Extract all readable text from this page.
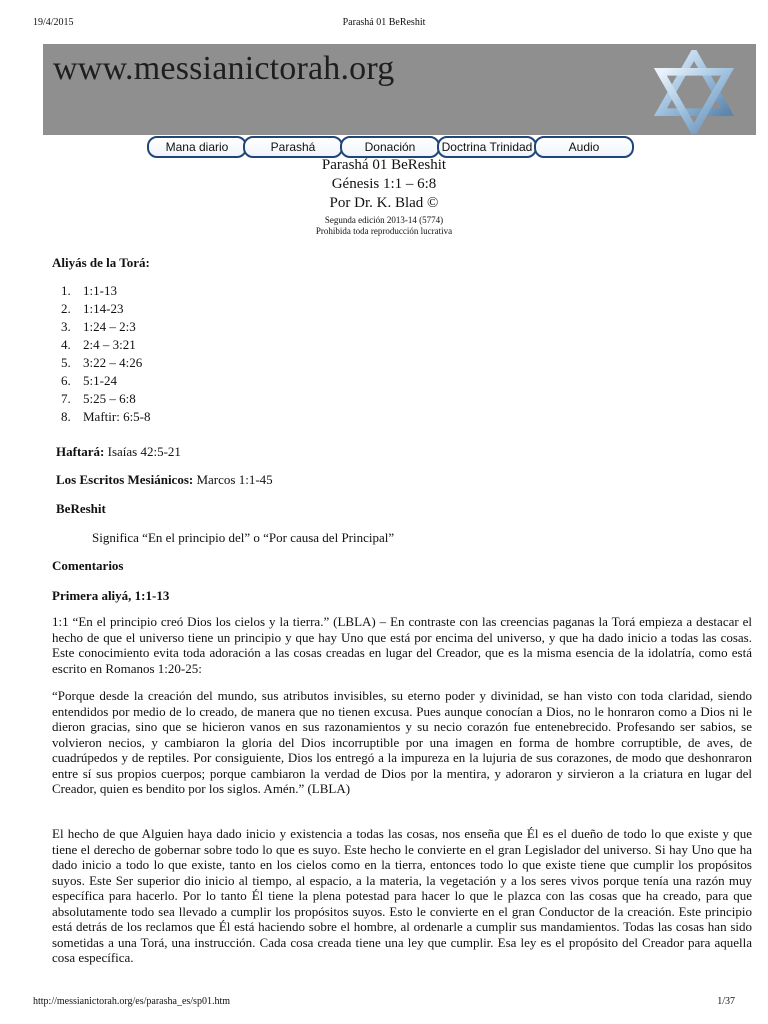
19/4/2015	Parashá 01 BeReshit
www.messianictorah.org
Mana diario	Parashá	Donación	Doctrina Trinidad	Audio
Parashá 01 BeReshit
Génesis 1:1 – 6:8
Por Dr. K. Blad ©
Segunda edición 2013-14 (5774)
Prohibida toda reproducción lucrativa
Aliyás de la Torá:
1. 1:1-13
2. 1:14-23
3. 1:24 – 2:3
4. 2:4 – 3:21
5. 3:22 – 4:26
6. 5:1-24
7. 5:25 – 6:8
8. Maftir: 6:5-8
Haftará: Isaías 42:5-21
Los Escritos Mesiánicos: Marcos 1:1-45
BeReshit
Significa “En el principio del” o “Por causa del Principal”
Comentarios
Primera aliyá, 1:1-13

1:1 “En el principio creó Dios los cielos y la tierra.” (LBLA) – En contraste con las creencias paganas la Torá empieza a destacar el hecho de que el universo tiene un principio y que hay Uno que está por encima del universo, y que ha dado inicio a todas las cosas. Este conocimiento evita toda adoración a las cosas creadas en lugar del Creador, que es la misma esencia de la idolatría, como está escrito en Romanos 1:20-25:

“Porque desde la creación del mundo, sus atributos invisibles, su eterno poder y divinidad, se han visto con toda claridad, siendo entendidos por medio de lo creado, de manera que no tienen excusa. Pues aunque conocían a Dios, no le honraron como a Dios ni le dieron gracias, sino que se hicieron vanos en sus razonamientos y su necio corazón fue entenebrecido. Profesando ser sabios, se volvieron necios, y cambiaron la gloria del Dios incorruptible por una imagen en forma de hombre corruptible, de aves, de cuadrúpedos y de reptiles. Por consiguiente, Dios los entregó a la impureza en la lujuria de sus corazones, de modo que deshonraron entre sí sus propios cuerpos; porque cambiaron la verdad de Dios por la mentira, y adoraron y sirvieron a la criatura en lugar del Creador, quien es bendito por los siglos. Amén.” (LBLA)

El hecho de que Alguien haya dado inicio y existencia a todas las cosas, nos enseña que Él es el dueño de todo lo que existe y que tiene el derecho de gobernar sobre todo lo que es suyo. Este hecho le convierte en el gran Legislador del universo. Si hay Uno que ha dado inicio a todo lo que existe, tanto en los cielos como en la tierra, entonces todo lo que existe tiene que cumplir los propósitos suyos. Este Ser superior dio inicio al tiempo, al espacio, a la materia, la vegetación y a los seres vivos porque tenía una razón muy específica para hacerlo. Por lo tanto Él tiene la plena potestad para hacer lo que le plazca con las cosas que ha creado, para que absolutamente todo sea llevado a cumplir los propósitos suyos. Esto le convierte en el gran Conductor de la creación. Este principio está detrás de los reclamos que Él está haciendo sobre el hombre, al ordenarle a cumplir sus mandamientos. Todas las cosas han sido sometidas a una Torá, una instrucción. Cada cosa creada tiene una ley que cumplir. Esa ley es el propósito del Creador para aquella cosa específica.

http://messianictorah.org/es/parasha_es/sp01.htm	1/37
